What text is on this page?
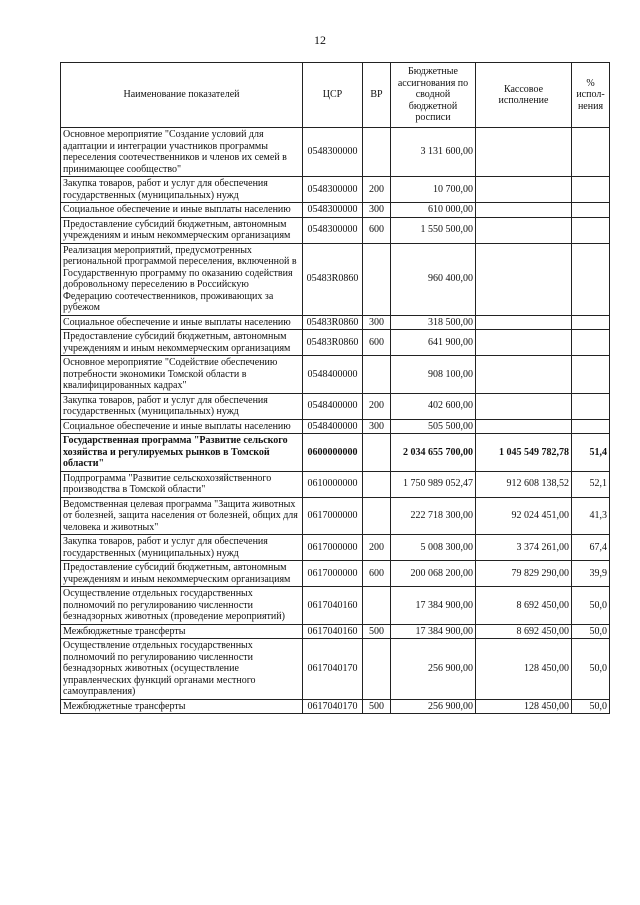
12
Наименование показателей	ЦСР	ВР	Бюджетные ассигнования по сводной бюджетной росписи	Кассовое исполнение	% испол-нения
Основное мероприятие "Создание условий для адаптации и интеграции участников программы переселения соотечественников и членов их семей в принимающее сообщество"	0548300000		3 131 600,00		
Закупка товаров, работ и услуг для обеспечения государственных (муниципальных) нужд	0548300000	200	10 700,00		
Социальное обеспечение и иные выплаты населению	0548300000	300	610 000,00		
Предоставление субсидий бюджетным, автономным учреждениям и иным некоммерческим организациям	0548300000	600	1 550 500,00		
Реализация мероприятий, предусмотренных региональной программой переселения, включенной в Государственную программу по оказанию содействия добровольному переселению в Российскую Федерацию соотечественников, проживающих за рубежом	05483R0860		960 400,00		
Социальное обеспечение и иные выплаты населению	05483R0860	300	318 500,00		
Предоставление субсидий бюджетным, автономным учреждениям и иным некоммерческим организациям	05483R0860	600	641 900,00		
Основное мероприятие "Содействие обеспечению потребности экономики Томской области в квалифицированных кадрах"	0548400000		908 100,00		
Закупка товаров, работ и услуг для обеспечения государственных (муниципальных) нужд	0548400000	200	402 600,00		
Социальное обеспечение и иные выплаты населению	0548400000	300	505 500,00		
Государственная программа "Развитие сельского хозяйства и регулируемых рынков в Томской области"	0600000000		2 034 655 700,00	1 045 549 782,78	51,4
Подпрограмма "Развитие сельскохозяйственного производства в Томской области"	0610000000		1 750 989 052,47	912 608 138,52	52,1
Ведомственная целевая программа "Защита животных от болезней, защита населения от болезней, общих для человека и животных"	0617000000		222 718 300,00	92 024 451,00	41,3
Закупка товаров, работ и услуг для обеспечения государственных (муниципальных) нужд	0617000000	200	5 008 300,00	3 374 261,00	67,4
Предоставление субсидий бюджетным, автономным учреждениям и иным некоммерческим организациям	0617000000	600	200 068 200,00	79 829 290,00	39,9
Осуществление отдельных государственных полномочий по регулированию численности безнадзорных животных (проведение мероприятий)	0617040160		17 384 900,00	8 692 450,00	50,0
Межбюджетные трансферты	0617040160	500	17 384 900,00	8 692 450,00	50,0
Осуществление отдельных государственных полномочий по регулированию численности безнадзорных животных (осуществление управленческих функций органами местного самоуправления)	0617040170		256 900,00	128 450,00	50,0
Межбюджетные трансферты	0617040170	500	256 900,00	128 450,00	50,0
